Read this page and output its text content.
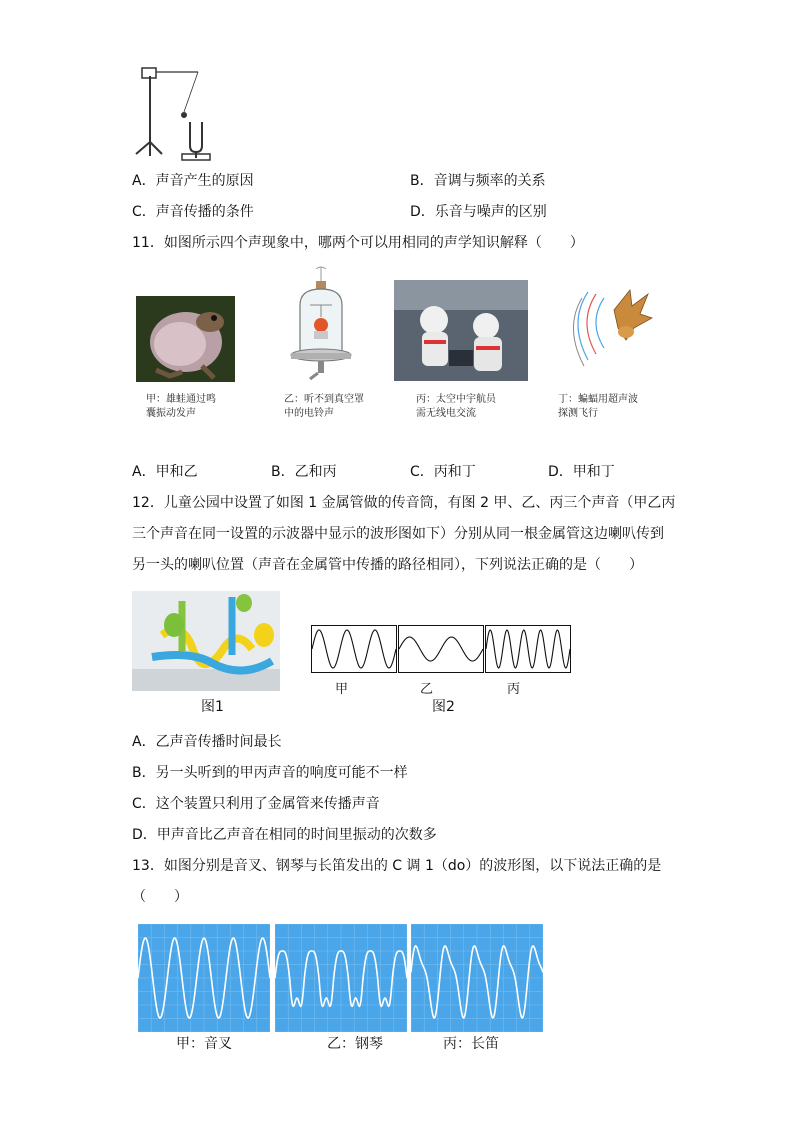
A．声音产生的原因	B．音调与频率的关系
C．声音传播的条件	D．乐音与噪声的区别
11．如图所示四个声现象中，哪两个可以用相同的声学知识解释（　　）
甲：雄蛙通过鸣
囊振动发声
乙：听不到真空罩
中的电铃声
丙：太空中宇航员
需无线电交流
丁：蝙蝠用超声波
探测飞行
A．甲和乙	B．乙和丙	C．丙和丁	D．甲和丁
12．儿童公园中设置了如图 1 金属管做的传音筒，有图 2 甲、乙、丙三个声音（甲乙丙
三个声音在同一设置的示波器中显示的波形图如下）分别从同一根金属管这边喇叭传到
另一头的喇叭位置（声音在金属管中传播的路径相同），下列说法正确的是（　　）
甲	乙	丙
图1	图2
A．乙声音传播时间最长
B．另一头听到的甲丙声音的响度可能不一样
C．这个装置只利用了金属管来传播声音
D．甲声音比乙声音在相同的时间里振动的次数多
13．如图分别是音叉、钢琴与长笛发出的 C 调 1（do）的波形图，以下说法正确的是
（　　）
甲：音叉	乙：钢琴	丙：长笛
